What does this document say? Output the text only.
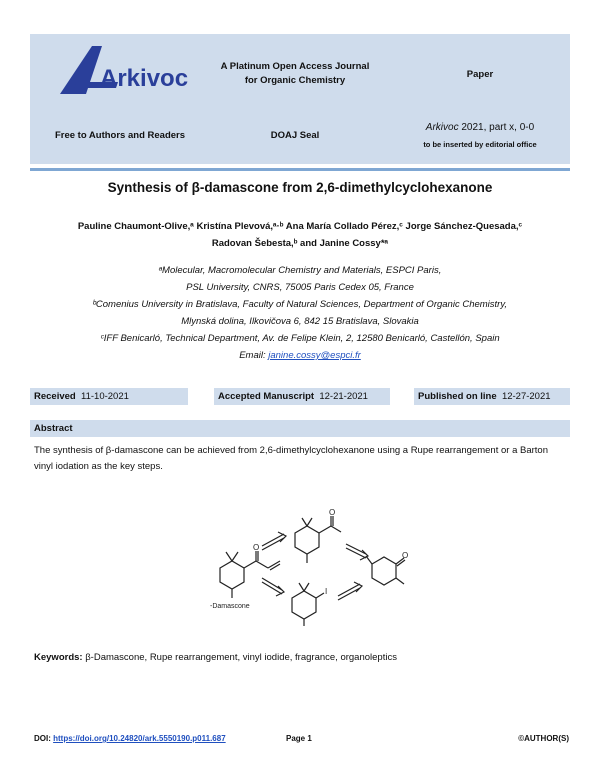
Arkivoc	A Platinum Open Access Journal
for Organic Chemistry
Paper
Free to Authors and Readers	DOAJ Seal
Arkivoc 2021, part x, 0-0
to be inserted by editorial office
Synthesis of β-damascone from 2,6-dimethylcyclohexanone
Pauline Chaumont-Olive,ᵃ Kristína Plevová,ᵃ·ᵇ Ana María Collado Pérez,ᶜ Jorge Sánchez-Quesada,ᶜ
Radovan Šebesta,ᵇ and Janine Cossy*ᵃ
ᵃMolecular, Macromolecular Chemistry and Materials, ESPCI Paris,
PSL University, CNRS, 75005 Paris Cedex 05, France
ᵇComenius University in Bratislava, Faculty of Natural Sciences, Department of Organic Chemistry,
Mlynská dolina, Ilkovičova 6, 842 15 Bratislava, Slovakia
ᶜIFF Benicarló, Technical Department, Av. de Felipe Klein, 2, 12580 Benicarló, Castellón, Spain
Email: janine.cossy@espci.fr
Received 11-10-2021	Accepted Manuscript 12-21-2021	Published on line 12-27-2021
Abstract
The synthesis of β-damascone can be achieved from 2,6-dimethylcyclohexanone using a Rupe rearrangement or a Barton vinyl iodation as the key steps.
O
-Damascone
O
I
O
Keywords: β-Damascone, Rupe rearrangement, vinyl iodide, fragrance, organoleptics
DOI: https://doi.org/10.24820/ark.5550190.p011.687	Page 1	©AUTHOR(S)
